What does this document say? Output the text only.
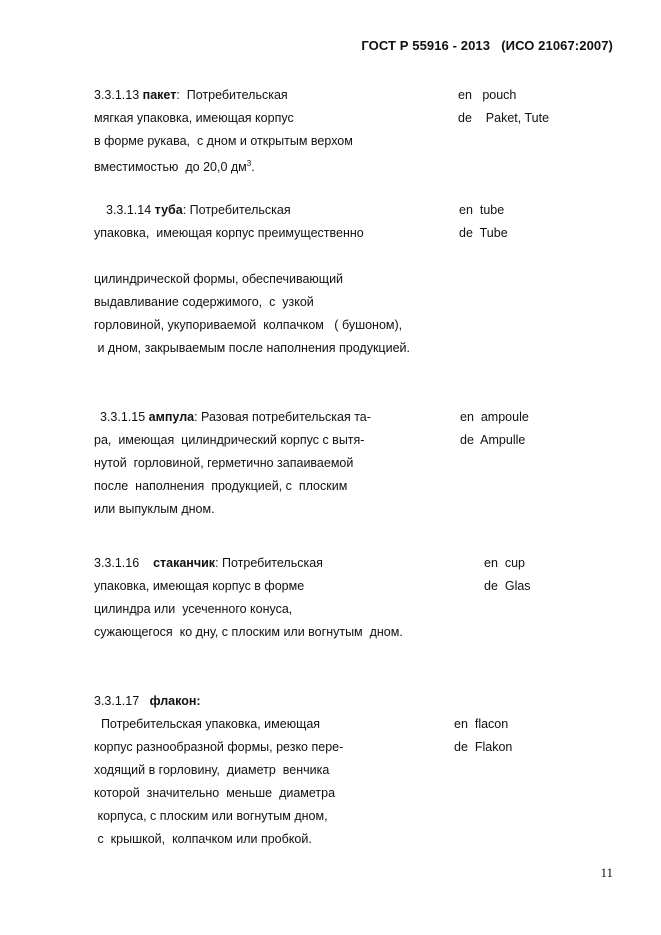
ГОСТ Р 55916 - 2013   (ИСО 21067:2007)
3.3.1.13 пакет:  Потребительская
мягкая упаковка, имеющая корпус
в форме рукава,  с дном и открытым верхом
вместимостью  до 20,0 $дм^3$.
en   pouch
de    Paket, Tute
3.3.1.14 туба: Потребительская
упаковка,  имеющая корпус преимущественно
цилиндрической формы, обеспечивающий
выдавливание содержимого,  с  узкой
горловиной, укупориваемой  колпачком   ( бушоном),
и дном, закрываемым после наполнения продукцией.
en  tube
de  Tube
3.3.1.15 ампула: Разовая потребительская та-
ра,  имеющая  цилиндрический корпус с вытя-
нутой  горловиной, герметично запаиваемой
после  наполнения  продукцией, с  плоским
или выпуклым дном.
en  ampoule
de  Ampulle
3.3.1.16    стаканчик: Потребительская
упаковка, имеющая корпус в форме
цилиндра или  усеченного конуса,
сужающегося  ко дну, с плоским или вогнутым  дном.
en  cup
de  Glas
3.3.1.17   флакон:
Потребительская упаковка, имеющая
корпус разнообразной формы, резко пере-
ходящий в горловину,  диаметр  венчика
которой  значительно  меньше  диаметра
корпуса, с плоским или вогнутым дном,
с  крышкой,  колпачком или пробкой.
en  flacon
de  Flakon
11
